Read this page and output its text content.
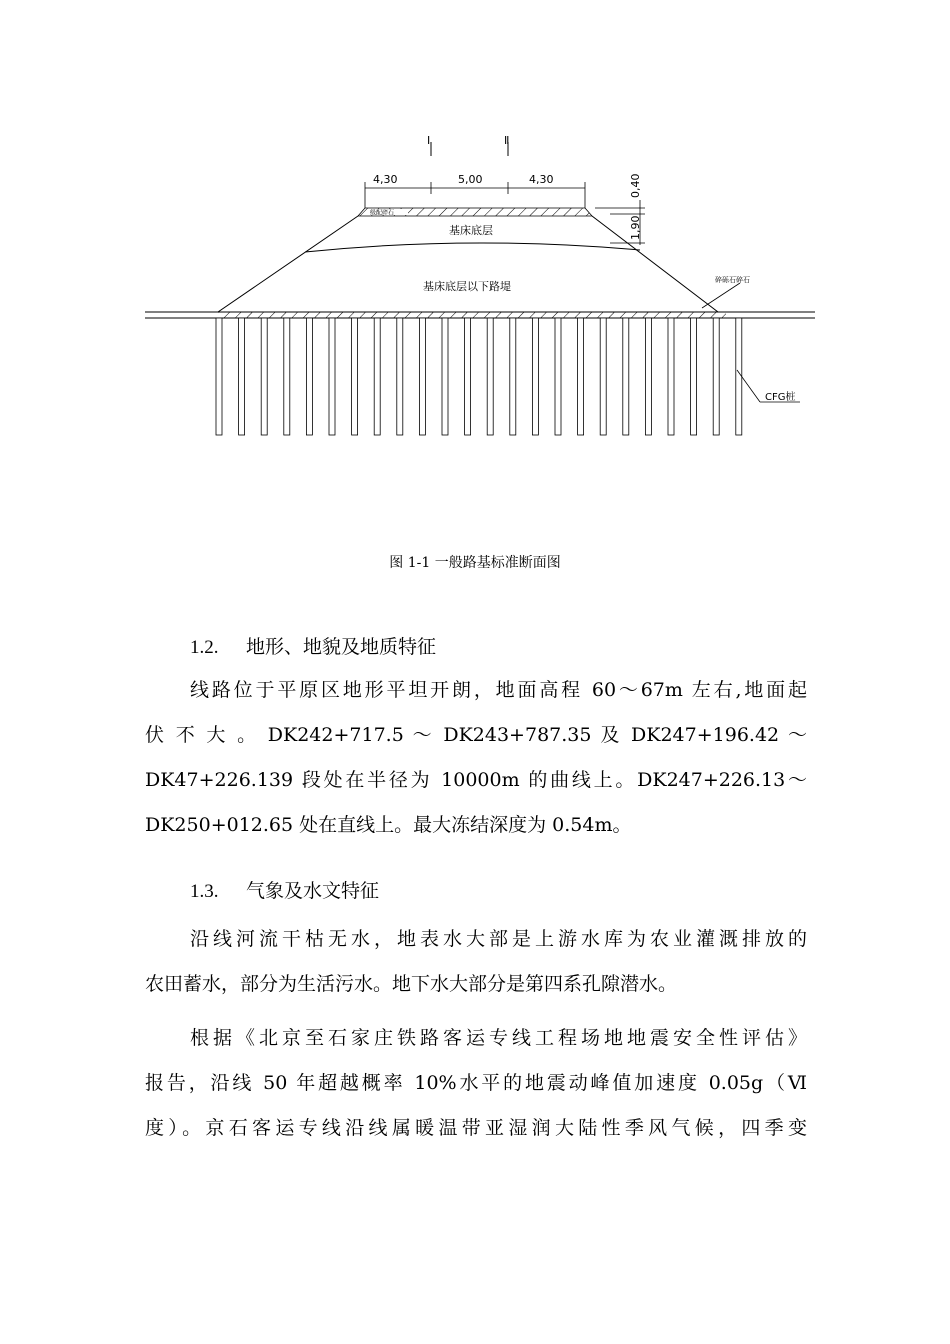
Ⅰ	Ⅱ
4,30	5,00	4,30	0,40
1,90
级配碎石
基床底层
基床底层以下路堤	碎砾石碎石
CFG桩
图 1-1 一般路基标准断面图
1.2. 地形、地貌及地质特征
线路位于平原区地形平坦开朗，地面高程 60～67m 左右,地面起
伏 不 大 。 DK242+717.5 ～ DK243+787.35 及 DK247+196.42 ～
DK47+226.139 段处在半径为 10000m 的曲线上。DK247+226.13～
DK250+012.65 处在直线上。最大冻结深度为 0.54m。
1.3. 气象及水文特征
沿线河流干枯无水，地表水大部是上游水库为农业灌溉排放的
农田蓄水，部分为生活污水。地下水大部分是第四系孔隙潜水。
根据《北京至石家庄铁路客运专线工程场地地震安全性评估》
报告，沿线 50 年超越概率 10%水平的地震动峰值加速度 0.05g（Ⅵ
度）。京石客运专线沿线属暖温带亚湿润大陆性季风气候，四季变
